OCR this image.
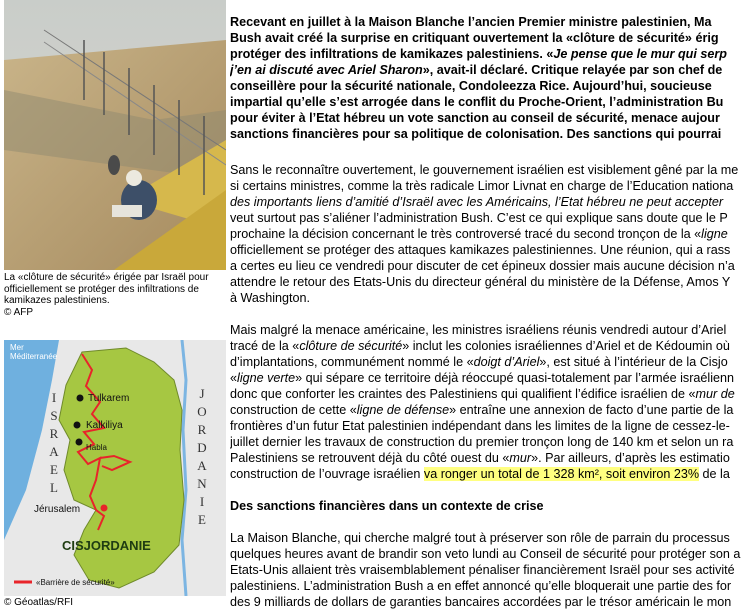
La «clôture de sécurité» érigée par Israël pour officiellement se protéger des infiltrations de kamikazes palestiniens.

© AFP

Mer
Méditerranée
I
S
R
A
E
L
J
O
R
D
A
N
I
E
Tulkarem
Kalkiliya
Habla
Jérusalem
CISJORDANIE
«Barrière de sécurité»
© Géoatlas/RFI
Recevant en juillet à la Maison Blanche l’ancien Premier ministre palestinien, Ma
Bush avait créé la surprise en critiquant ouvertement la «clôture de sécurité» érig
protéger des infiltrations de kamikazes palestiniens. «Je pense que le mur qui serp
j’en ai discuté avec Ariel Sharon», avait-il déclaré. Critique relayée par son chef de
conseillère pour la sécurité nationale, Condoleezza Rice. Aujourd’hui, soucieuse
impartial qu’elle s’est arrogée dans le conflit du Proche-Orient, l’administration Bu
pour éviter à l’Etat hébreu un vote sanction au conseil de sécurité, menace aujour
sanctions financières pour sa politique de colonisation. Des sanctions qui pourrai
Sans le reconnaître ouvertement, le gouvernement israélien est visiblement gêné par la me
si certains ministres, comme la très radicale Limor Livnat en charge de l’Education nationa
des importants liens d’amitié d’Israël avec les Américains, l’Etat hébreu ne peut accepter
veut surtout pas s’aliéner l’administration Bush. C’est ce qui explique sans doute que le P
prochaine la décision concernant le très controversé tracé du second tronçon de la «ligne
officiellement se protéger des attaques kamikazes palestiniennes. Une réunion, qui a rass
a certes eu lieu ce vendredi pour discuter de cet épineux dossier mais aucune décision n’a
attendre le retour des Etats-Unis du directeur général du ministère de la Défense, Amos Y
à Washington.
Mais malgré la menace américaine, les ministres israéliens réunis vendredi autour d’Ariel
tracé de la «clôture de sécurité» inclut les colonies israéliennes d’Ariel et de Kédoumin où
d’implantations, communément nommé le «doigt d’Ariel», est situé à l’intérieur de la Cisjo
«ligne verte» qui sépare ce territoire déjà réoccupé quasi-totalement par l’armée israélienn
donc que conforter les craintes des Palestiniens qui qualifient l’édifice israélien de «mur de
construction de cette «ligne de défense» entraîne une annexion de facto d’une partie de la
frontières d’un futur Etat palestinien indépendant dans les limites de la ligne de cessez-le-
juillet dernier les travaux de construction du premier tronçon long de 140 km et selon un ra
Palestiniens se retrouvent déjà du côté ouest du «mur». Par ailleurs, d’après les estimatio
construction de l’ouvrage israélien va ronger un total de 1 328 km², soit environ 23% de la
Des sanctions financières dans un contexte de crise
La Maison Blanche, qui cherche malgré tout à préserver son rôle de parrain du processus
quelques heures avant de brandir son veto lundi au Conseil de sécurité pour protéger son a
Etats-Unis allaient très vraisemblablement pénaliser financièrement Israël pour ses activité
palestiniens. L’administration Bush a en effet annoncé qu’elle bloquerait une partie des for
des 9 milliards de dollars de garanties bancaires accordées par le trésor américain le mon
